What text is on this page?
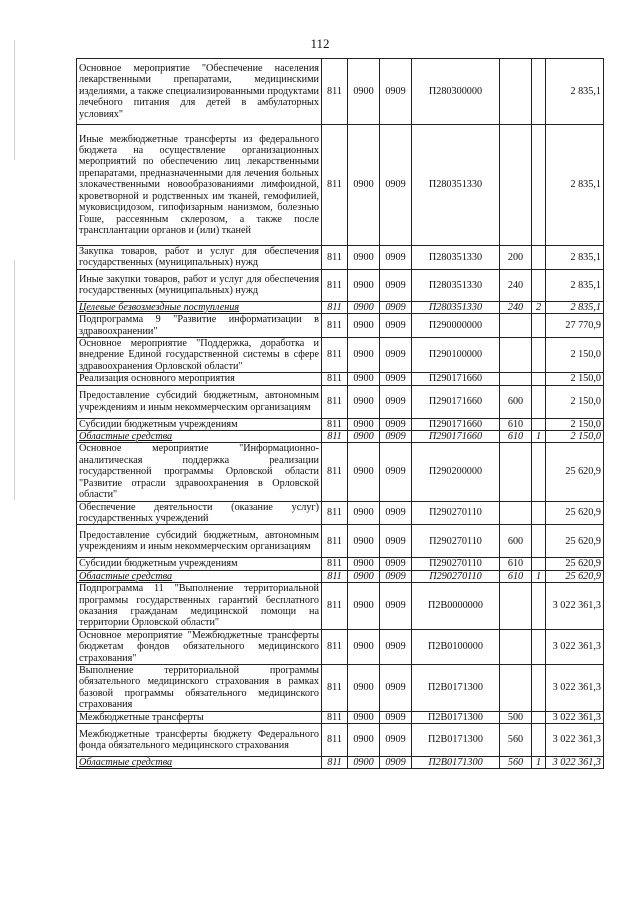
112
Основное мероприятие "Обеспечение населения лекарственными препаратами, медицинскими изделиями, а также специализированными продуктами лечебного питания для детей в амбулаторных условиях"	811	0900	0909	П280300000			2 835,1
Иные межбюджетные трансферты из федерального бюджета на осуществление организационных мероприятий по обеспечению лиц лекарственными препаратами, предназначенными для лечения больных злокачественными новообразованиями лимфоидной, кроветворной и родственных им тканей, гемофилией, муковисцидозом, гипофизарным нанизмом, болезнью Гоше, рассеянным склерозом, а также после трансплантации органов и (или) тканей	811	0900	0909	П280351330			2 835,1
Закупка товаров, работ и услуг для обеспечения государственных (муниципальных) нужд	811	0900	0909	П280351330	200		2 835,1
Иные закупки товаров, работ и услуг для обеспечения государственных (муниципальных) нужд	811	0900	0909	П280351330	240		2 835,1
Целевые безвозмездные поступления	811	0900	0909	П280351330	240	2	2 835,1
Подпрограмма 9 "Развитие информатизации в здравоохранении"	811	0900	0909	П290000000			27 770,9
Основное мероприятие "Поддержка, доработка и внедрение Единой государственной системы в сфере здравоохранения Орловской области"	811	0900	0909	П290100000			2 150,0
Реализация основного мероприятия	811	0900	0909	П290171660			2 150,0
Предоставление субсидий бюджетным, автономным учреждениям и иным некоммерческим организациям	811	0900	0909	П290171660	600		2 150,0
Субсидии бюджетным учреждениям	811	0900	0909	П290171660	610		2 150,0
Областные средства	811	0900	0909	П290171660	610	1	2 150,0
Основное мероприятие "Информационно-аналитическая поддержка реализации государственной программы Орловской области "Развитие отрасли здравоохранения в Орловской области"	811	0900	0909	П290200000			25 620,9
Обеспечение деятельности (оказание услуг) государственных учреждений	811	0900	0909	П290270110			25 620,9
Предоставление субсидий бюджетным, автономным учреждениям и иным некоммерческим организациям	811	0900	0909	П290270110	600		25 620,9
Субсидии бюджетным учреждениям	811	0900	0909	П290270110	610		25 620,9
Областные средства	811	0900	0909	П290270110	610	1	25 620,9
Подпрограмма 11 "Выполнение территориальной программы государственных гарантий бесплатного оказания гражданам медицинской помощи на территории Орловской области"	811	0900	0909	П2В0000000			3 022 361,3
Основное мероприятие "Межбюджетные трансферты бюджетам фондов обязательного медицинского страхования"	811	0900	0909	П2В0100000			3 022 361,3
Выполнение территориальной программы обязательного медицинского страхования в рамках базовой программы обязательного медицинского страхования	811	0900	0909	П2В0171300			3 022 361,3
Межбюджетные трансферты	811	0900	0909	П2В0171300	500		3 022 361,3
Межбюджетные трансферты бюджету Федерального фонда обязательного медицинского страхования	811	0900	0909	П2В0171300	560		3 022 361,3
Областные средства	811	0900	0909	П2В0171300	560	1	3 022 361,3
